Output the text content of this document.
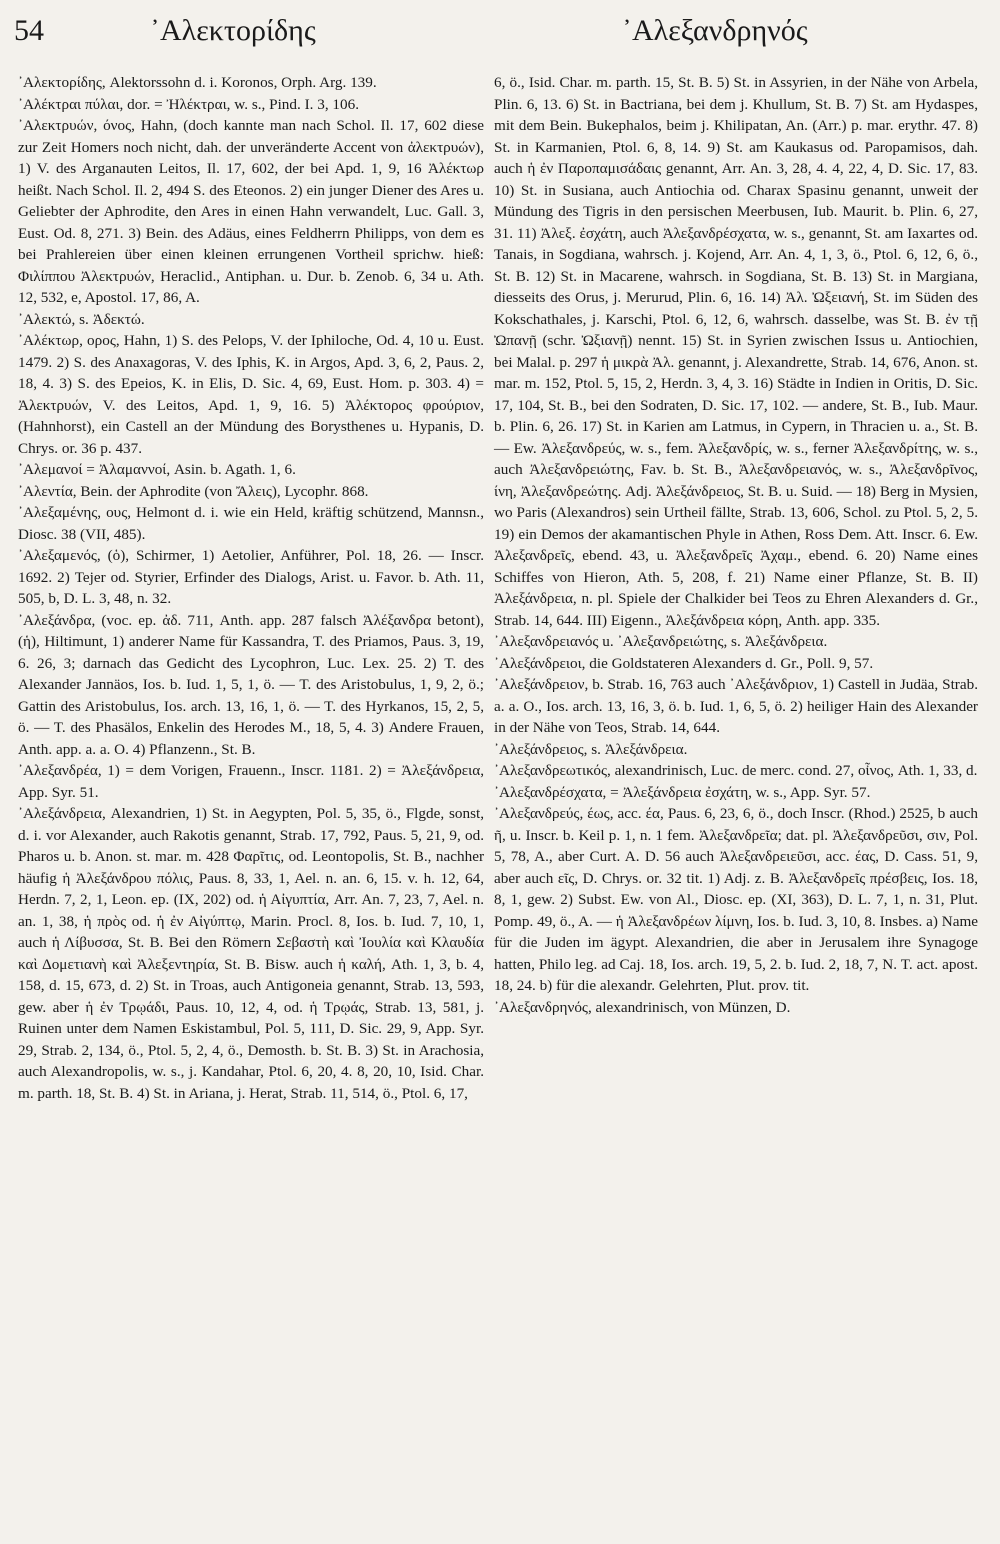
54	᾿Αλεκτορίδης	᾿Αλεξανδρηνός

᾿Αλεκτορίδης, Alektorssohn d. i. Koronos, Orph. Arg. 139.

᾿Αλέκτραι πύλαι, dor. = Ἠλέκτραι, w. s., Pind. I. 3, 106.

᾿Αλεκτρυών, όνος, Hahn, (doch kannte man nach Schol. Il. 17, 602 diese zur Zeit Homers noch nicht, dah. der unveränderte Accent von ἀλεκτρυών), 1) V. des Arganauten Leitos, Il. 17, 602, der bei Apd. 1, 9, 16 Ἀλέκτωρ heißt. Nach Schol. Il. 2, 494 S. des Eteonos. 2) ein junger Diener des Ares u. Geliebter der Aphrodite, den Ares in einen Hahn verwandelt, Luc. Gall. 3, Eust. Od. 8, 271. 3) Bein. des Adäus, eines Feldherrn Philipps, von dem es bei Prahlereien über einen kleinen errungenen Vortheil sprichw. hieß: Φιλίππου Ἀλεκτρυών, Heraclid., Antiphan. u. Dur. b. Zenob. 6, 34 u. Ath. 12, 532, e, Apostol. 17, 86, A.

᾿Αλεκτώ, s. Ἀδεκτώ.

᾿Αλέκτωρ, ορος, Hahn, 1) S. des Pelops, V. der Iphiloche, Od. 4, 10 u. Eust. 1479. 2) S. des Anaxagoras, V. des Iphis, K. in Argos, Apd. 3, 6, 2, Paus. 2, 18, 4. 3) S. des Epeios, K. in Elis, D. Sic. 4, 69, Eust. Hom. p. 303. 4) = Ἀλεκτρυών, V. des Leitos, Apd. 1, 9, 16. 5) Ἀλέκτορος φρούριον, (Hahnhorst), ein Castell an der Mündung des Borysthenes u. Hypanis, D. Chrys. or. 36 p. 437.

᾿Αλεμανοί = Ἀλαμαννοί, Asin. b. Agath. 1, 6.

᾿Αλεντία, Bein. der Aphrodite (von Ἄλεις), Lycophr. 868.

᾿Αλεξαμένης, ους, Helmont d. i. wie ein Held, kräftig schützend, Mannsn., Diosc. 38 (VII, 485).

᾿Αλεξαμενός, (ὁ), Schirmer, 1) Aetolier, Anführer, Pol. 18, 26. — Inscr. 1692. 2) Tejer od. Styrier, Erfinder des Dialogs, Arist. u. Favor. b. Ath. 11, 505, b, D. L. 3, 48, n. 32.

᾿Αλεξάνδρα, (voc. ep. ἀδ. 711, Anth. app. 287 falsch Ἀλέξανδρα betont), (ἡ), Hiltimunt, 1) anderer Name für Kassandra, T. des Priamos, Paus. 3, 19, 6. 26, 3; darnach das Gedicht des Lycophron, Luc. Lex. 25. 2) T. des Alexander Jannäos, Ios. b. Iud. 1, 5, 1, ö. — T. des Aristobulus, 1, 9, 2, ö.; Gattin des Aristobulus, Ios. arch. 13, 16, 1, ö. — T. des Hyrkanos, 15, 2, 5, ö. — T. des Phasälos, Enkelin des Herodes M., 18, 5, 4. 3) Andere Frauen, Anth. app. a. a. O. 4) Pflanzenn., St. B.

᾿Αλεξανδρέα, 1) = dem Vorigen, Frauenn., Inscr. 1181. 2) = Ἀλεξάνδρεια, App. Syr. 51.

᾿Αλεξάνδρεια, Alexandrien, 1) St. in Aegypten, Pol. 5, 35, ö., Flgde, sonst, d. i. vor Alexander, auch Rakotis genannt, Strab. 17, 792, Paus. 5, 21, 9, od. Pharos u. b. Anon. st. mar. m. 428 Φαρῖτις, od. Leontopolis, St. B., nachher häufig ἡ Ἀλεξάνδρου πόλις, Paus. 8, 33, 1, Ael. n. an. 6, 15. v. h. 12, 64, Herdn. 7, 2, 1, Leon. ep. (IX, 202) od. ἡ Αἰγυπτία, Arr. An. 7, 23, 7, Ael. n. an. 1, 38, ἡ πρὸς od. ἡ ἐν Αἰγύπτῳ, Marin. Procl. 8, Ios. b. Iud. 7, 10, 1, auch ἡ Λίβυσσα, St. B. Bei den Römern Σεβαστὴ καὶ Ἰουλία καὶ Κλαυδία καὶ Δομετιανὴ καὶ Ἀλεξεντηρία, St. B. Bisw. auch ἡ καλή, Ath. 1, 3, b. 4, 158, d. 15, 673, d. 2) St. in Troas, auch Antigoneia genannt, Strab. 13, 593, gew. aber ἡ ἐν Τρῳάδι, Paus. 10, 12, 4, od. ἡ Τρῳάς, Strab. 13, 581, j. Ruinen unter dem Namen Eskistambul, Pol. 5, 111, D. Sic. 29, 9, App. Syr. 29, Strab. 2, 134, ö., Ptol. 5, 2, 4, ö., Demosth. b. St. B. 3) St. in Arachosia, auch Alexandropolis, w. s., j. Kandahar, Ptol. 6, 20, 4. 8, 20, 10, Isid. Char. m. parth. 18, St. B. 4) St. in Ariana, j. Herat, Strab. 11, 514, ö., Ptol. 6, 17,

6, ö., Isid. Char. m. parth. 15, St. B. 5) St. in Assyrien, in der Nähe von Arbela, Plin. 6, 13. 6) St. in Bactriana, bei dem j. Khullum, St. B. 7) St. am Hydaspes, mit dem Bein. Bukephalos, beim j. Khilipatan, An. (Arr.) p. mar. erythr. 47. 8) St. in Karmanien, Ptol. 6, 8, 14. 9) St. am Kaukasus od. Paropamisos, dah. auch ἡ ἐν Παροπαμισάδαις genannt, Arr. An. 3, 28, 4. 4, 22, 4, D. Sic. 17, 83. 10) St. in Susiana, auch Antiochia od. Charax Spasinu genannt, unweit der Mündung des Tigris in den persischen Meerbusen, Iub. Maurit. b. Plin. 6, 27, 31. 11) Ἀλεξ. ἐσχάτη, auch Ἀλεξανδρέσχατα, w. s., genannt, St. am Iaxartes od. Tanais, in Sogdiana, wahrsch. j. Kojend, Arr. An. 4, 1, 3, ö., Ptol. 6, 12, 6, ö., St. B. 12) St. in Macarene, wahrsch. in Sogdiana, St. B. 13) St. in Margiana, diesseits des Orus, j. Merurud, Plin. 6, 16. 14) Ἀλ. Ὠξειανή, St. im Süden des Kokschathales, j. Karschi, Ptol. 6, 12, 6, wahrsch. dasselbe, was St. B. ἐν τῇ Ὠπανῇ (schr. Ὠξιανῇ) nennt. 15) St. in Syrien zwischen Issus u. Antiochien, bei Malal. p. 297 ἡ μικρὰ Ἀλ. genannt, j. Alexandrette, Strab. 14, 676, Anon. st. mar. m. 152, Ptol. 5, 15, 2, Herdn. 3, 4, 3. 16) Städte in Indien in Oritis, D. Sic. 17, 104, St. B., bei den Sodraten, D. Sic. 17, 102. — andere, St. B., Iub. Maur. b. Plin. 6, 26. 17) St. in Karien am Latmus, in Cypern, in Thracien u. a., St. B. — Ew. Ἀλεξανδρεύς, w. s., fem. Ἀλεξανδρίς, w. s., ferner Ἀλεξανδρίτης, w. s., auch Ἀλεξανδρειώτης, Fav. b. St. B., Ἀλεξανδρειανός, w. s., Ἀλεξανδρῖνος, ίνη, Ἀλεξανδρεώτης. Adj. Ἀλεξάνδρειος, St. B. u. Suid. — 18) Berg in Mysien, wo Paris (Alexandros) sein Urtheil fällte, Strab. 13, 606, Schol. zu Ptol. 5, 2, 5. 19) ein Demos der akamantischen Phyle in Athen, Ross Dem. Att. Inscr. 6. Ew. Ἀλεξανδρεῖς, ebend. 43, u. Ἀλεξανδρεῖς Ἀχαμ., ebend. 6. 20) Name eines Schiffes von Hieron, Ath. 5, 208, f. 21) Name einer Pflanze, St. B. II) Ἀλεξάνδρεια, n. pl. Spiele der Chalkider bei Teos zu Ehren Alexanders d. Gr., Strab. 14, 644. III) Eigenn., Ἀλεξάνδρεια κόρη, Anth. app. 335.

᾿Αλεξανδρειανός u. ᾿Αλεξανδρειώτης, s. Ἀλεξάνδρεια.

᾿Αλεξάνδρειοι, die Goldstateren Alexanders d. Gr., Poll. 9, 57.

᾿Αλεξάνδρειον, b. Strab. 16, 763 auch ᾿Αλεξάνδριον, 1) Castell in Judäa, Strab. a. a. O., Ios. arch. 13, 16, 3, ö. b. Iud. 1, 6, 5, ö. 2) heiliger Hain des Alexander in der Nähe von Teos, Strab. 14, 644.

᾿Αλεξάνδρειος, s. Ἀλεξάνδρεια.

᾿Αλεξανδρεωτικός, alexandrinisch, Luc. de merc. cond. 27, οἶνος, Ath. 1, 33, d.

᾿Αλεξανδρέσχατα, = Ἀλεξάνδρεια ἐσχάτη, w. s., App. Syr. 57.

᾿Αλεξανδρεύς, έως, acc. έα, Paus. 6, 23, 6, ö., doch Inscr. (Rhod.) 2525, b auch ῆ, u. Inscr. b. Keil p. 1, n. 1 fem. Ἀλεξανδρεῖα; dat. pl. Ἀλεξανδρεῦσι, σιν, Pol. 5, 78, A., aber Curt. A. D. 56 auch Ἀλεξανδρειεῦσι, acc. έας, D. Cass. 51, 9, aber auch εῖς, D. Chrys. or. 32 tit. 1) Adj. z. B. Ἀλεξανδρεῖς πρέσβεις, Ios. 18, 8, 1, gew. 2) Subst. Ew. von Al., Diosc. ep. (XI, 363), D. L. 7, 1, n. 31, Plut. Pomp. 49, ö., A. — ἡ Ἀλεξανδρέων λίμνη, Ios. b. Iud. 3, 10, 8. Insbes. a) Name für die Juden im ägypt. Alexandrien, die aber in Jerusalem ihre Synagoge hatten, Philo leg. ad Caj. 18, Ios. arch. 19, 5, 2. b. Iud. 2, 18, 7, N. T. act. apost. 18, 24. b) für die alexandr. Gelehrten, Plut. prov. tit.

᾿Αλεξανδρηνός, alexandrinisch, von Münzen, D.
